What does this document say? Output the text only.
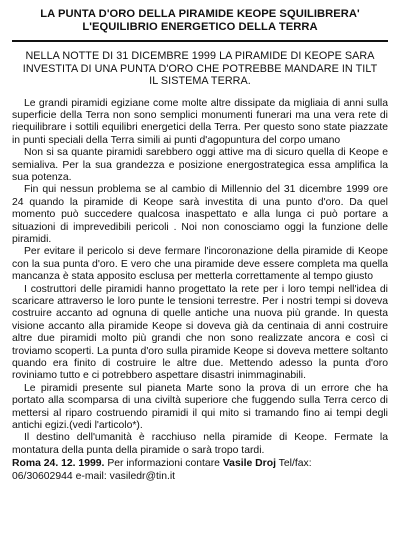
LA PUNTA D'ORO DELLA PIRAMIDE KEOPE SQUILIBRERA'
L'EQUILIBRIO ENERGETICO DELLA TERRA
NELLA NOTTE DI 31 DICEMBRE 1999 LA PIRAMIDE DI KEOPE SARA
INVESTITA DI UNA PUNTA D'ORO CHE POTREBBE MANDARE IN TILT
IL SISTEMA TERRA.

Le grandi piramidi egiziane come molte altre dissipate da migliaia di anni sulla superficie della Terra non sono semplici monumenti funerari ma una vera rete di riequilibrare i sottili equilibri energetici della Terra. Per questo sono state piazzate in punti speciali della Terra simili ai punti d'agopuntura del corpo umano

Non si sa quante piramidi sarebbero oggi attive ma di sicuro quella di Keope e semialiva. Per la sua grandezza e posizione energostrategica essa amplifica la sua potenza.

Fin qui nessun problema se al cambio di Millennio del 31 dicembre 1999 ore 24 quando la piramide di Keope sarà investita di una punto d'oro. Da quel momento può succedere qualcosa inaspettato e alla lunga ci può portare a situazioni di imprevedibili pericoli . Noi non conosciamo oggi la funzione delle piramidi.

Per evitare il pericolo si deve fermare l'incoronazione della piramide di Keope con la sua punta d'oro. E vero che una piramide deve essere completa ma quella mancanza è stata apposito esclusa per metterla correttamente al tempo giusto

I costruttori delle piramidi hanno progettato la rete per i loro tempi nell'idea di scaricare attraverso le loro punte le tensioni terrestre. Per i nostri tempi si doveva costruire accanto ad ognuna di quelle antiche una nuova più grande. In questa visione accanto alla piramide Keope si doveva già da centinaia di anni costruire altre due piramidi molto più grandi che non sono realizzate ancora e così ci troviamo scoperti. La punta d'oro sulla piramide Keope si doveva mettere soltanto quando era finito di costruire le altre due. Mettendo adesso la punta d'oro roviniamo tutto e ci potrebbero aspettare disastri inimmaginabili.

Le piramidi presente sul pianeta Marte sono la prova di un errore che ha portato alla scomparsa di una civiltà superiore che fuggendo sulla Terra cerco di mettersi al riparo costruendo piramidi il qui mito si tramando fino ai tempi degli antichi egizi.(vedi l'articolo*).

Il destino dell'umanità è racchiuso nella piramide di Keope. Fermate la montatura della punta della piramide o sarà tropo tardi.

Roma 24. 12. 1999. Per informazioni contare Vasile Droj Tel/fax:
06/30602944 e-mail: vasiledr@tin.it
